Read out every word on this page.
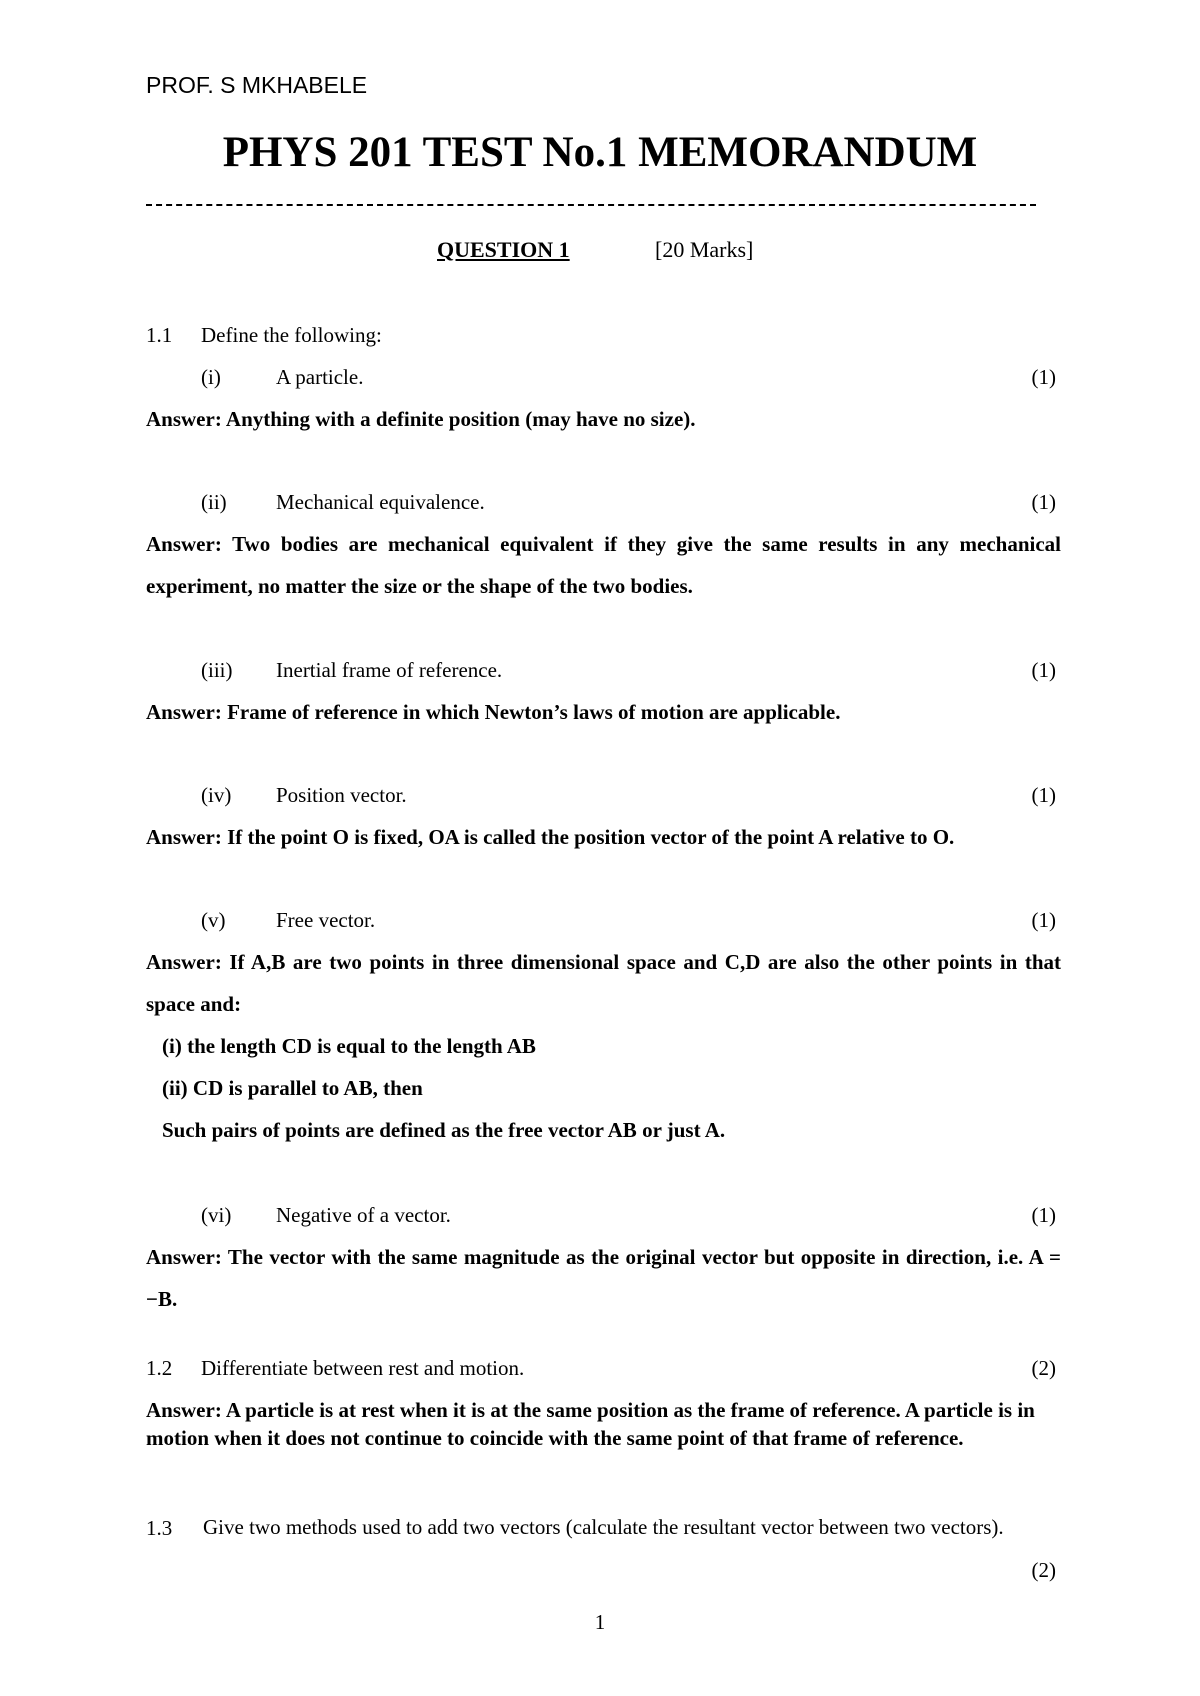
PROF. S MKHABELE
PHYS 201 TEST No.1 MEMORANDUM
QUESTION 1	[20 Marks]
1.1 Define the following:
(i)	A particle.	(1)
Answer: Anything with a definite position (may have no size).
(ii) Mechanical equivalence.	(1)
Answer: Two bodies are mechanical equivalent if they give the same results in any mechanical experiment, no matter the size or the shape of the two bodies.
(iii) Inertial frame of reference.	(1)
Answer: Frame of reference in which Newton’s laws of motion are applicable.
(iv) Position vector.	(1)
Answer: If the point O is fixed, OA is called the position vector of the point A relative to O.
(v) Free vector.	(1)
Answer: If A,B are two points in three dimensional space and C,D are also the other points in that space and:
(i) the length CD is equal to the length AB
(ii) CD is parallel to AB, then
Such pairs of points are defined as the free vector AB or just A.
(vi) Negative of a vector.	(1)
Answer: The vector with the same magnitude as the original vector but opposite in direction, i.e. A = −B.
1.2 Differentiate between rest and motion.	(2)
Answer: A particle is at rest when it is at the same position as the frame of reference. A particle is in motion when it does not continue to coincide with the same point of that frame of reference.
1.3 Give two methods used to add two vectors (calculate the resultant vector between two vectors).
(2)
1
